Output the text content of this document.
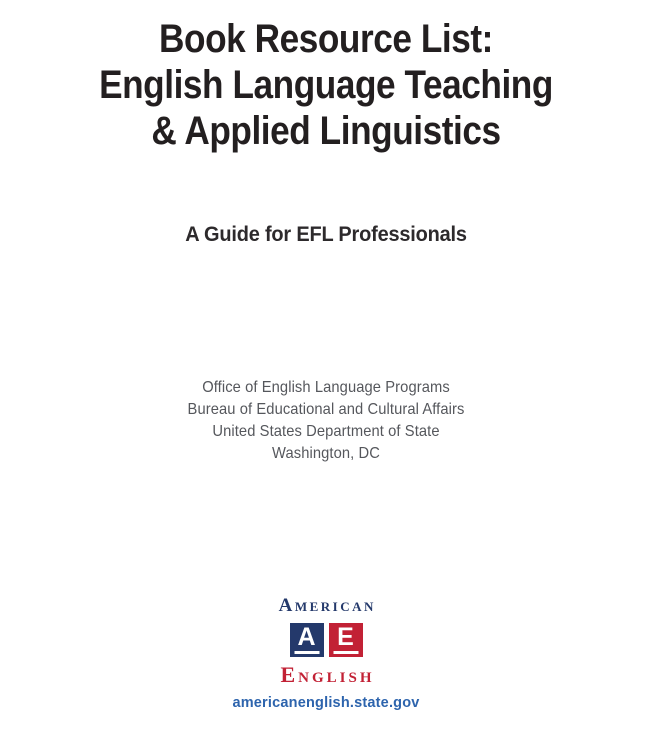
Book Resource List:
English Language Teaching
& Applied Linguistics
A Guide for EFL Professionals
Office of English Language Programs
Bureau of Educational and Cultural Affairs
United States Department of State
Washington, DC
American
A E
English
americanenglish.state.gov
